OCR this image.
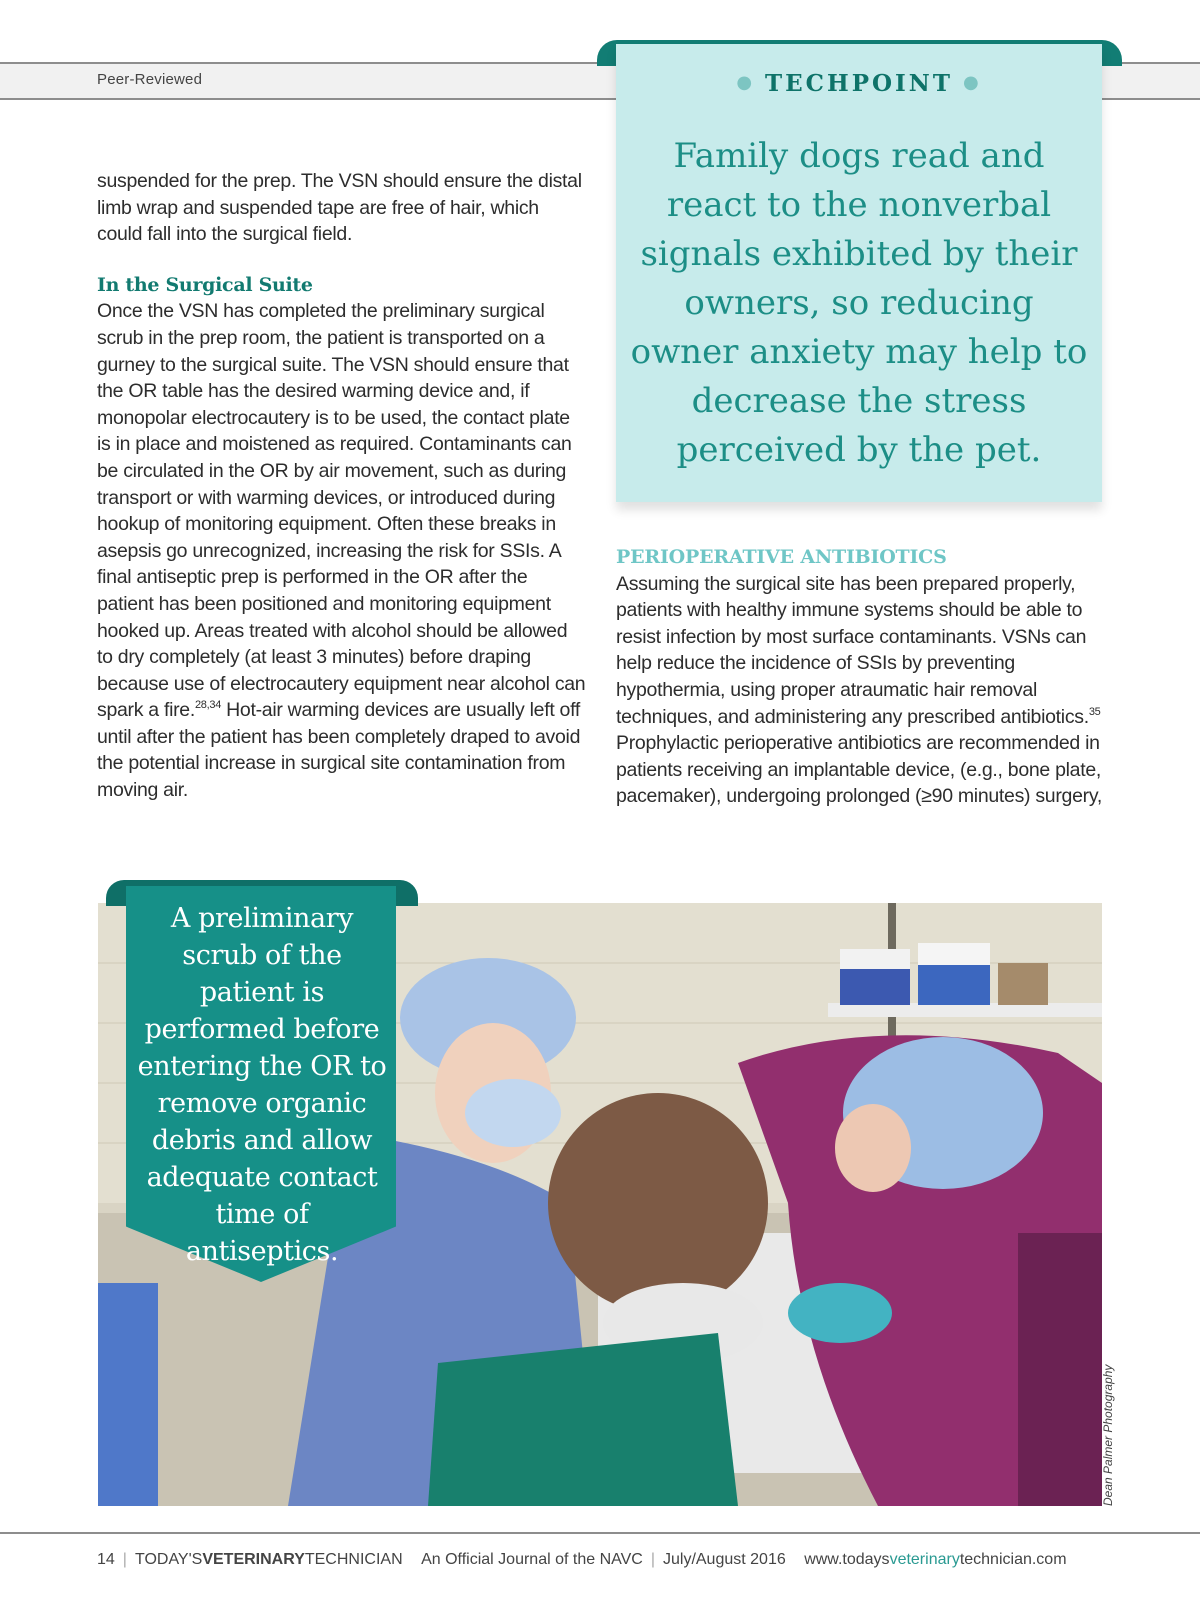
Peer-Reviewed	● TECHPOINT ●
Family dogs read and react to the nonverbal signals exhibited by their owners, so reducing owner anxiety may help to decrease the stress perceived by the pet.

suspended for the prep. The VSN should ensure the distal limb wrap and suspended tape are free of hair, which could fall into the surgical field.

In the Surgical Suite

Once the VSN has completed the preliminary surgical scrub in the prep room, the patient is transported on a gurney to the surgical suite. The VSN should ensure that the OR table has the desired warming device and, if monopolar electrocautery is to be used, the contact plate is in place and moistened as required. Contaminants can be circulated in the OR by air movement, such as during transport or with warming devices, or introduced during hookup of monitoring equipment. Often these breaks in asepsis go unrecognized, increasing the risk for SSIs. A final antiseptic prep is performed in the OR after the patient has been positioned and monitoring equipment hooked up. Areas treated with alcohol should be allowed to dry completely (at least 3 minutes) before draping because use of electrocautery equipment near alcohol can spark a fire.$^{28,34}$ Hot-air warming devices are usually left off until after the patient has been completely draped to avoid the potential increase in surgical site contamination from moving air.

PERIOPERATIVE ANTIBIOTICS

Assuming the surgical site has been prepared properly, patients with healthy immune systems should be able to resist infection by most surface contaminants. VSNs can help reduce the incidence of SSIs by preventing hypothermia, using proper atraumatic hair removal techniques, and administering any prescribed antibiotics.$^{35}$ Prophylactic perioperative antibiotics are recommended in patients receiving an implantable device, (e.g., bone plate, pacemaker), undergoing prolonged (≥90 minutes) surgery,

A preliminary scrub of the patient is performed before entering the OR to remove organic debris and allow adequate contact time of antiseptics.
Dean Palmer Photography
14 | TODAY'SVETERINARYTECHNICIAN An Official Journal of the NAVC | July/August 2016 www.todaysveterinarytechnician.com
